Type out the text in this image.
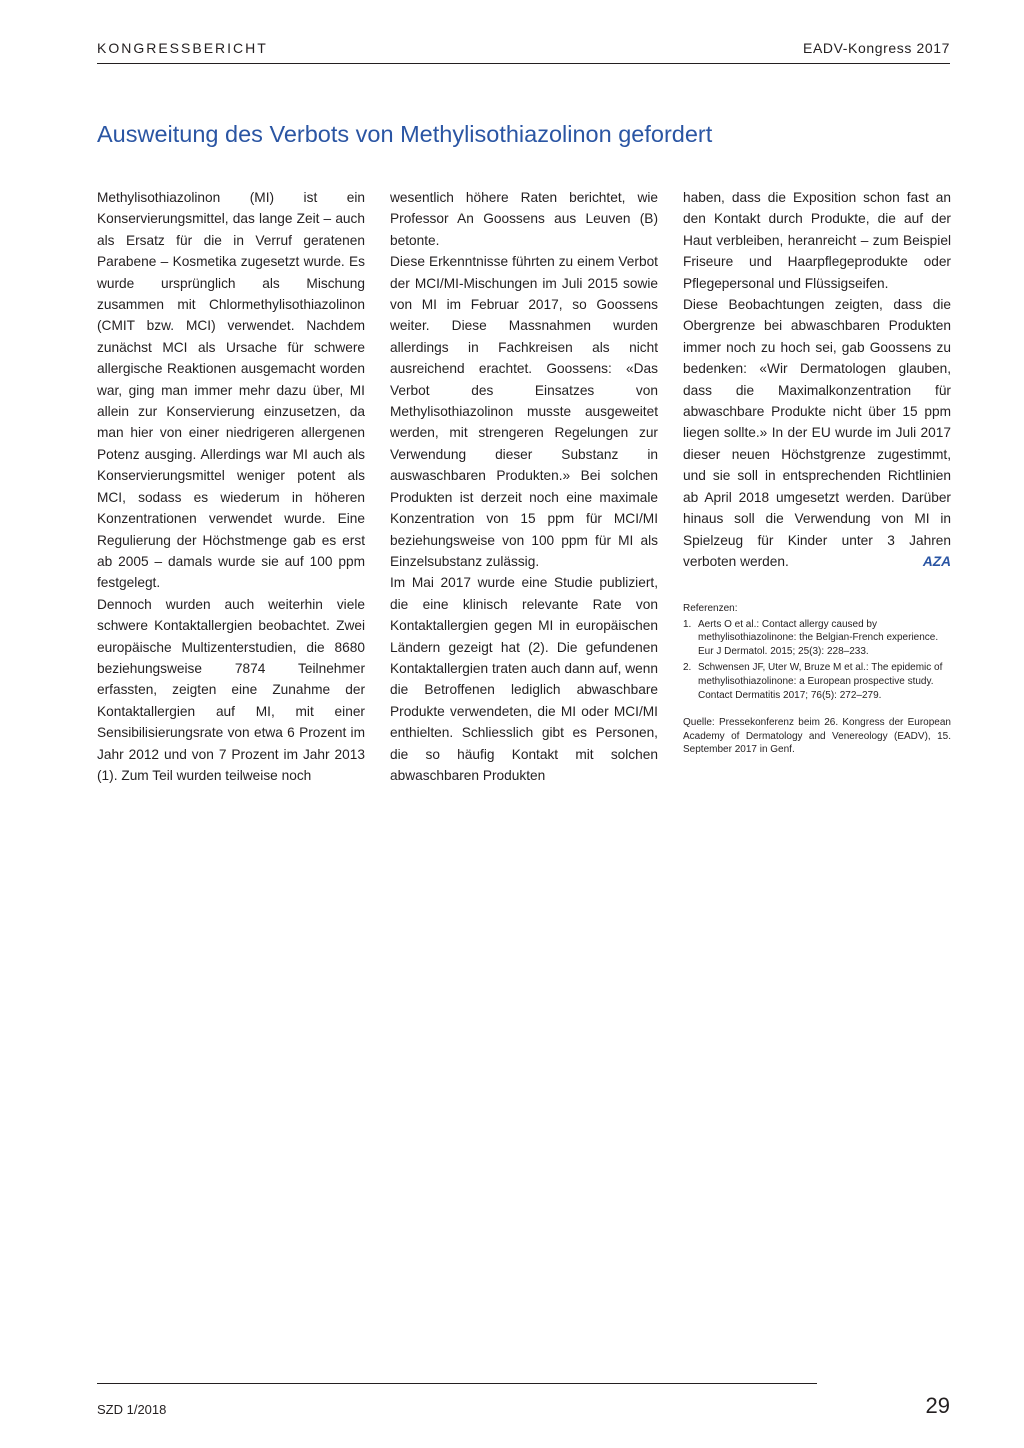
KONGRESSBERICHT	EADV-Kongress 2017
Ausweitung des Verbots von Methylisothiazolinon gefordert

Methylisothiazolinon (MI) ist ein Konservierungsmittel, das lange Zeit – auch als Ersatz für die in Verruf geratenen Parabene – Kosmetika zugesetzt wurde. Es wurde ursprünglich als Mischung zusammen mit Chlormethylisothiazolinon (CMIT bzw. MCI) verwendet. Nachdem zunächst MCI als Ursache für schwere allergische Reaktionen ausgemacht worden war, ging man immer mehr dazu über, MI allein zur Konservierung einzusetzen, da man hier von einer niedrigeren allergenen Potenz ausging. Allerdings war MI auch als Konservierungsmittel weniger potent als MCI, sodass es wiederum in höheren Konzentrationen verwendet wurde. Eine Regulierung der Höchstmenge gab es erst ab 2005 – damals wurde sie auf 100 ppm festgelegt.

Dennoch wurden auch weiterhin viele schwere Kontaktallergien beobachtet. Zwei europäische Multizenterstudien, die 8680 beziehungsweise 7874 Teilnehmer erfassten, zeigten eine Zunahme der Kontaktallergien auf MI, mit einer Sensibilisierungsrate von etwa 6 Prozent im Jahr 2012 und von 7 Prozent im Jahr 2013 (1). Zum Teil wurden teilweise noch

wesentlich höhere Raten berichtet, wie Professor An Goossens aus Leuven (B) betonte.

Diese Erkenntnisse führten zu einem Verbot der MCI/MI-Mischungen im Juli 2015 sowie von MI im Februar 2017, so Goossens weiter. Diese Massnahmen wurden allerdings in Fachkreisen als nicht ausreichend erachtet. Goossens: «Das Verbot des Einsatzes von Methylisothiazolinon musste ausgeweitet werden, mit strengeren Regelungen zur Verwendung dieser Substanz in auswaschbaren Produkten.» Bei solchen Produkten ist derzeit noch eine maximale Konzentration von 15 ppm für MCI/MI beziehungsweise von 100 ppm für MI als Einzelsubstanz zulässig.

Im Mai 2017 wurde eine Studie publiziert, die eine klinisch relevante Rate von Kontaktallergien gegen MI in europäischen Ländern gezeigt hat (2). Die gefundenen Kontaktallergien traten auch dann auf, wenn die Betroffenen lediglich abwaschbare Produkte verwendeten, die MI oder MCI/MI enthielten. Schliesslich gibt es Personen, die so häufig Kontakt mit solchen abwaschbaren Produkten

haben, dass die Exposition schon fast an den Kontakt durch Produkte, die auf der Haut verbleiben, heranreicht – zum Beispiel Friseure und Haarpflegeprodukte oder Pflegepersonal und Flüssigseifen.

Diese Beobachtungen zeigten, dass die Obergrenze bei abwaschbaren Produkten immer noch zu hoch sei, gab Goossens zu bedenken: «Wir Dermatologen glauben, dass die Maximalkonzentration für abwaschbare Produkte nicht über 15 ppm liegen sollte.» In der EU wurde im Juli 2017 dieser neuen Höchstgrenze zugestimmt, und sie soll in entsprechenden Richtlinien ab April 2018 umgesetzt werden. Darüber hinaus soll die Verwendung von MI in Spielzeug für Kinder unter 3 Jahren verboten werden.	AZA

Referenzen:

1. Aerts O et al.: Contact allergy caused by methylisothiazolinone: the Belgian-French experience. Eur J Dermatol. 2015; 25(3): 228–233.
2. Schwensen JF, Uter W, Bruze M et al.: The epidemic of methylisothiazolinone: a European prospective study. Contact Dermatitis 2017; 76(5): 272–279.

Quelle: Pressekonferenz beim 26. Kongress der European Academy of Dermatology and Venereology (EADV), 15. September 2017 in Genf.

SZD 1/2018	29
